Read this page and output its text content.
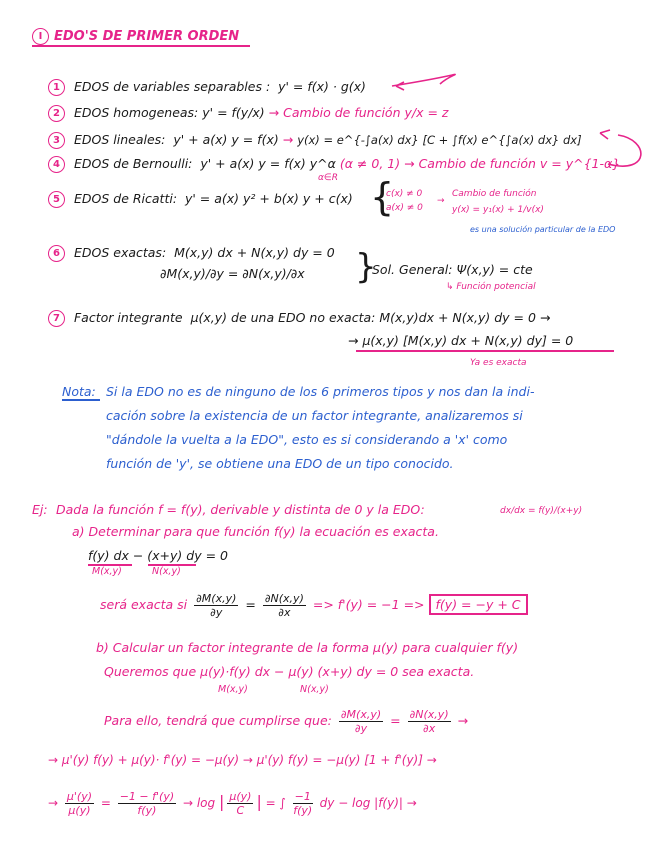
I EDO'S DE PRIMER ORDEN
1 EDOS de variables separables : y' = f(x) · g(x)
2 EDOS homogeneas: y' = f(y/x) → Cambio de función y/x = z
3 EDOS lineales: y' + a(x) y = f(x) → y(x) = e^{-∫a(x) dx} [C + ∫f(x) e^{∫a(x) dx} dx]
4 EDOS de Bernoulli: y' + a(x) y = f(x) y^α (α ≠ 0, 1) → Cambio de función v = y^{1-α}
α∈R
5 EDOS de Ricatti: y' = a(x) y² + b(x) y + c(x) {
c(x) ≠ 0
a(x) ≠ 0
→
Cambio de función
y(x) = y₁(x) + 1/v(x)
es una solución particular de la EDO
6 EDOS exactas: M(x,y) dx + N(x,y) dy = 0
∂M(x,y)/∂y = ∂N(x,y)/∂x }
Sol. General: Ψ(x,y) = cte
↳ Función potencial
7 Factor integrante μ(x,y) de una EDO no exacta: M(x,y)dx + N(x,y) dy = 0 →
→ μ(x,y) [M(x,y) dx + N(x,y) dy] = 0
Ya es exacta
Nota: Si la EDO no es de ninguno de los 6 primeros tipos y nos dan la indi-
cación sobre la existencia de un factor integrante, analizaremos si
"dándole la vuelta a la EDO", esto es si considerando a 'x' como
función de 'y', se obtiene una EDO de un tipo conocido.
Ej: Dada la función f = f(y), derivable y distinta de 0 y la EDO:	dx/dx = f(y)/(x+y)
a) Determinar para que función f(y) la ecuación es exacta.
f(y) dx − (x+y) dy = 0
M(x,y)	N(x,y)
será exacta si $\frac{\partial M(x,y)}{\partial y} = \frac{\partial N(x,y)}{\partial x} => f'(y) = -1 => f(y) = -y + C$
b) Calcular un factor integrante de la forma μ(y) para cualquier f(y)
Queremos que μ(y)·f(y) dx − μ(y) (x+y) dy = 0 sea exacta.
M(x,y)	N(x,y)
Para ello, tendrá que cumplirse que: $\frac{\partial M(x,y)}{\partial y} = \frac{\partial N(x,y)}{\partial x}$ →
→ μ'(y) f(y) + μ(y)· f'(y) = −μ(y) → μ'(y) f(y) = −μ(y) [1 + f'(y)] →
→ $\frac{\mu'(y)}{\mu(y)} = \frac{-1 - f'(y)}{f(y)} \to \log$ | $\frac{\mu(y)}{C}$ | = ∫ $\frac{-1}{f(y)}$ dy − log |f(y)| →
